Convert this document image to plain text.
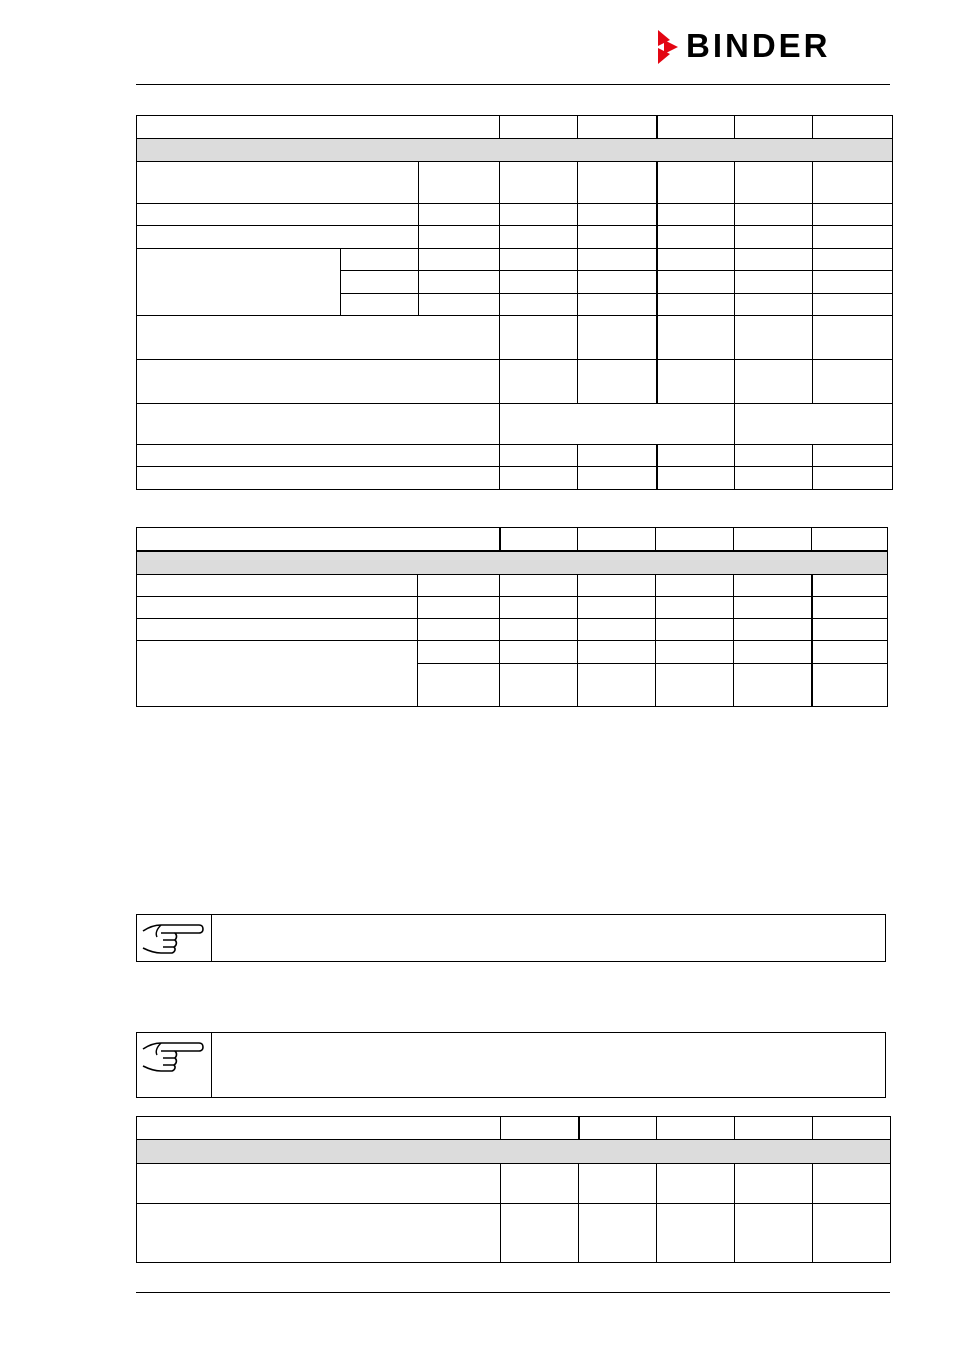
BINDER
